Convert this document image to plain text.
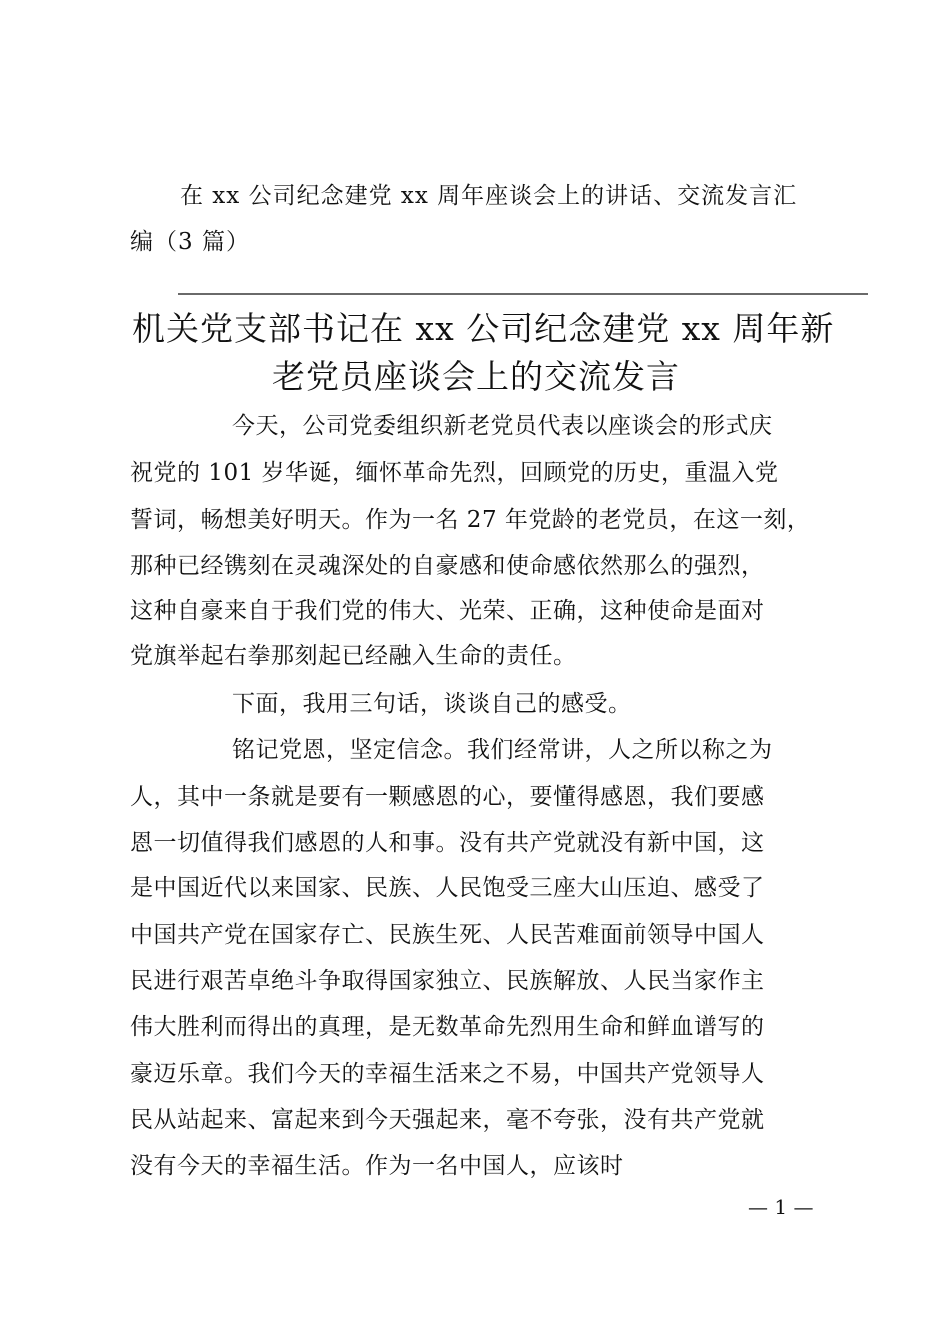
在 xx 公司纪念建党 xx 周年座谈会上的讲话、交流发言汇
编（3 篇）
机关党支部书记在 xx 公司纪念建党 xx 周年新
老党员座谈会上的交流发言
今天，公司党委组织新老党员代表以座谈会的形式庆
祝党的 101 岁华诞，缅怀革命先烈，回顾党的历史，重温入党
誓词，畅想美好明天。作为一名 27 年党龄的老党员，在这一刻，
那种已经镌刻在灵魂深处的自豪感和使命感依然那么的强烈，
这种自豪来自于我们党的伟大、光荣、正确，这种使命是面对
党旗举起右拳那刻起已经融入生命的责任。
下面，我用三句话，谈谈自己的感受。
铭记党恩，坚定信念。我们经常讲，人之所以称之为
人，其中一条就是要有一颗感恩的心，要懂得感恩，我们要感
恩一切值得我们感恩的人和事。没有共产党就没有新中国，这
是中国近代以来国家、民族、人民饱受三座大山压迫、感受了
中国共产党在国家存亡、民族生死、人民苦难面前领导中国人
民进行艰苦卓绝斗争取得国家独立、民族解放、人民当家作主
伟大胜利而得出的真理，是无数革命先烈用生命和鲜血谱写的
豪迈乐章。我们今天的幸福生活来之不易，中国共产党领导人
民从站起来、富起来到今天强起来，毫不夸张，没有共产党就
没有今天的幸福生活。作为一名中国人，应该时
— 1 —
